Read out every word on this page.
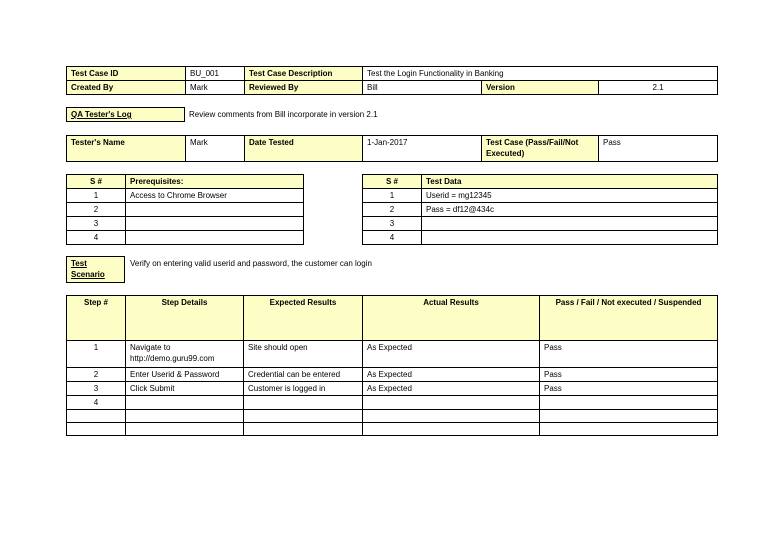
Test Case ID	BU_001	Test Case Description	Test the Login Functionality in Banking		
Created By	Mark	Reviewed By	Bill	Version	2.1
QA Tester's Log	Review comments from Bill incorporate in version 2.1
Tester's Name	Mark	Date Tested	1-Jan-2017	Test Case (Pass/Fail/Not Executed)	Pass
S #	Prerequisites:
1	Access to Chrome Browser
2	
3	
4	
S #	Test Data
1	Userid = mg12345
2	Pass = df12@434c
3	
4	
Test
Scenario
Verify on entering valid userid and password, the customer can login
Step #	Step Details	Expected Results	Actual Results	Pass / Fail / Not executed / Suspended
1	Navigate to http://demo.guru99.com	Site should open	As Expected	Pass
2	Enter Userid & Password	Credential can be entered	As Expected	Pass
3	Click Submit	Customer is logged in	As Expected	Pass
4				
